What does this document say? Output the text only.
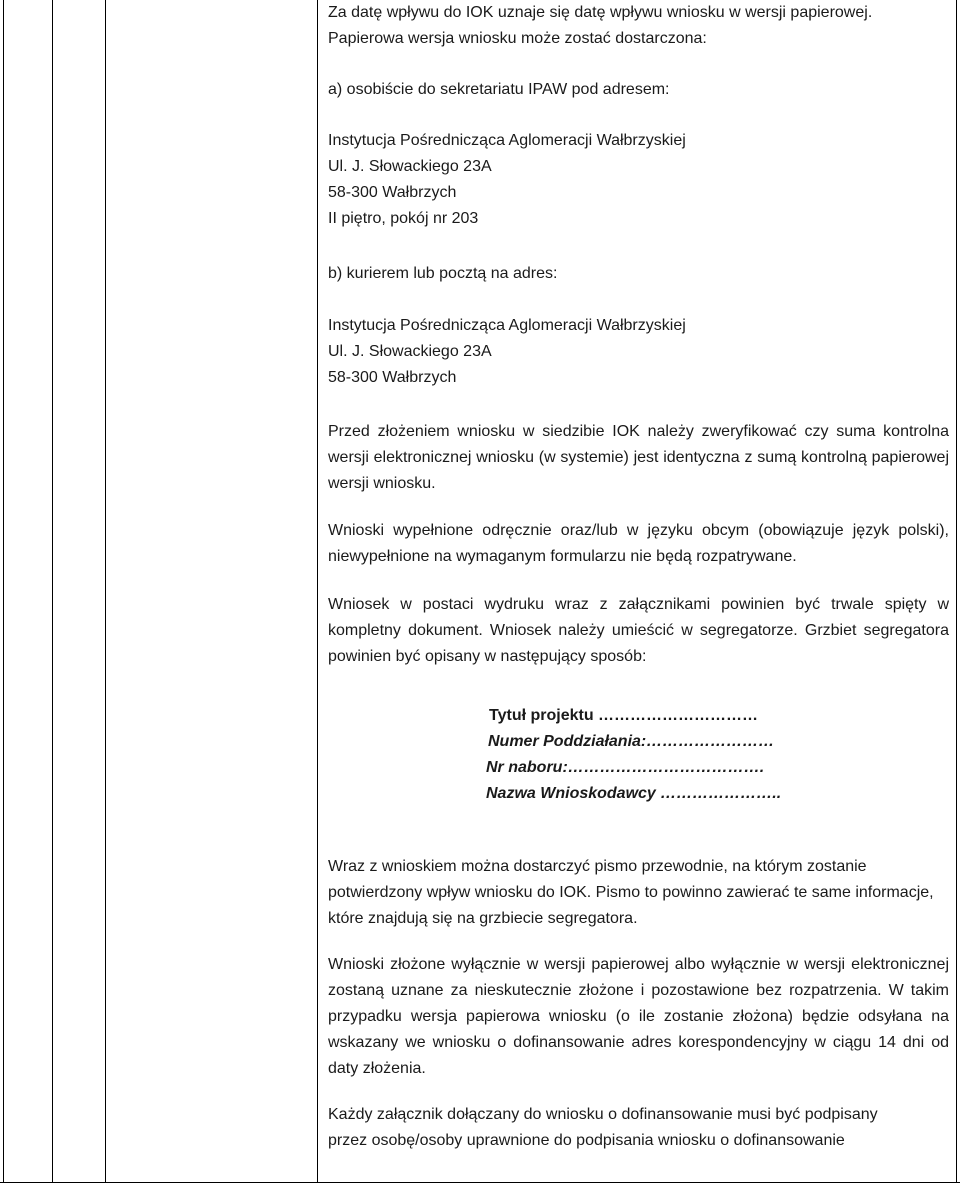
Za datę wpływu do IOK uznaje się datę wpływu wniosku w wersji papierowej.

Papierowa wersja wniosku może zostać dostarczona:

a) osobiście do sekretariatu IPAW pod adresem:

Instytucja Pośrednicząca Aglomeracji Wałbrzyskiej

Ul. J. Słowackiego 23A

58-300 Wałbrzych

II piętro, pokój nr 203

b) kurierem lub pocztą na adres:

Instytucja Pośrednicząca Aglomeracji Wałbrzyskiej

Ul. J. Słowackiego 23A

58-300 Wałbrzych

Przed złożeniem wniosku w siedzibie IOK należy zweryfikować czy suma kontrolna wersji elektronicznej wniosku (w systemie) jest identyczna z sumą kontrolną papierowej wersji wniosku.

Wnioski wypełnione odręcznie oraz/lub w języku obcym (obowiązuje język polski), niewypełnione na wymaganym formularzu nie będą rozpatrywane.

Wniosek w postaci wydruku wraz z załącznikami powinien być trwale spięty w kompletny dokument. Wniosek należy umieścić w segregatorze. Grzbiet segregatora powinien być opisany w następujący sposób:

Tytuł projektu …………………………

Numer Poddziałania:……………………

Nr naboru:……………………………….

Nazwa Wnioskodawcy …………………..

Wraz z wnioskiem można dostarczyć pismo przewodnie, na którym zostanie potwierdzony wpływ wniosku do IOK. Pismo to powinno zawierać te same informacje, które znajdują się na grzbiecie segregatora.

Wnioski złożone wyłącznie w wersji papierowej albo wyłącznie w wersji elektronicznej zostaną uznane za nieskutecznie złożone i pozostawione bez rozpatrzenia. W takim przypadku wersja papierowa wniosku (o ile zostanie złożona) będzie odsyłana na wskazany we wniosku o dofinansowanie adres korespondencyjny w ciągu 14 dni od daty złożenia.

Każdy załącznik dołączany do wniosku o dofinansowanie musi być podpisany

przez osobę/osoby uprawnione do podpisania wniosku o dofinansowanie
